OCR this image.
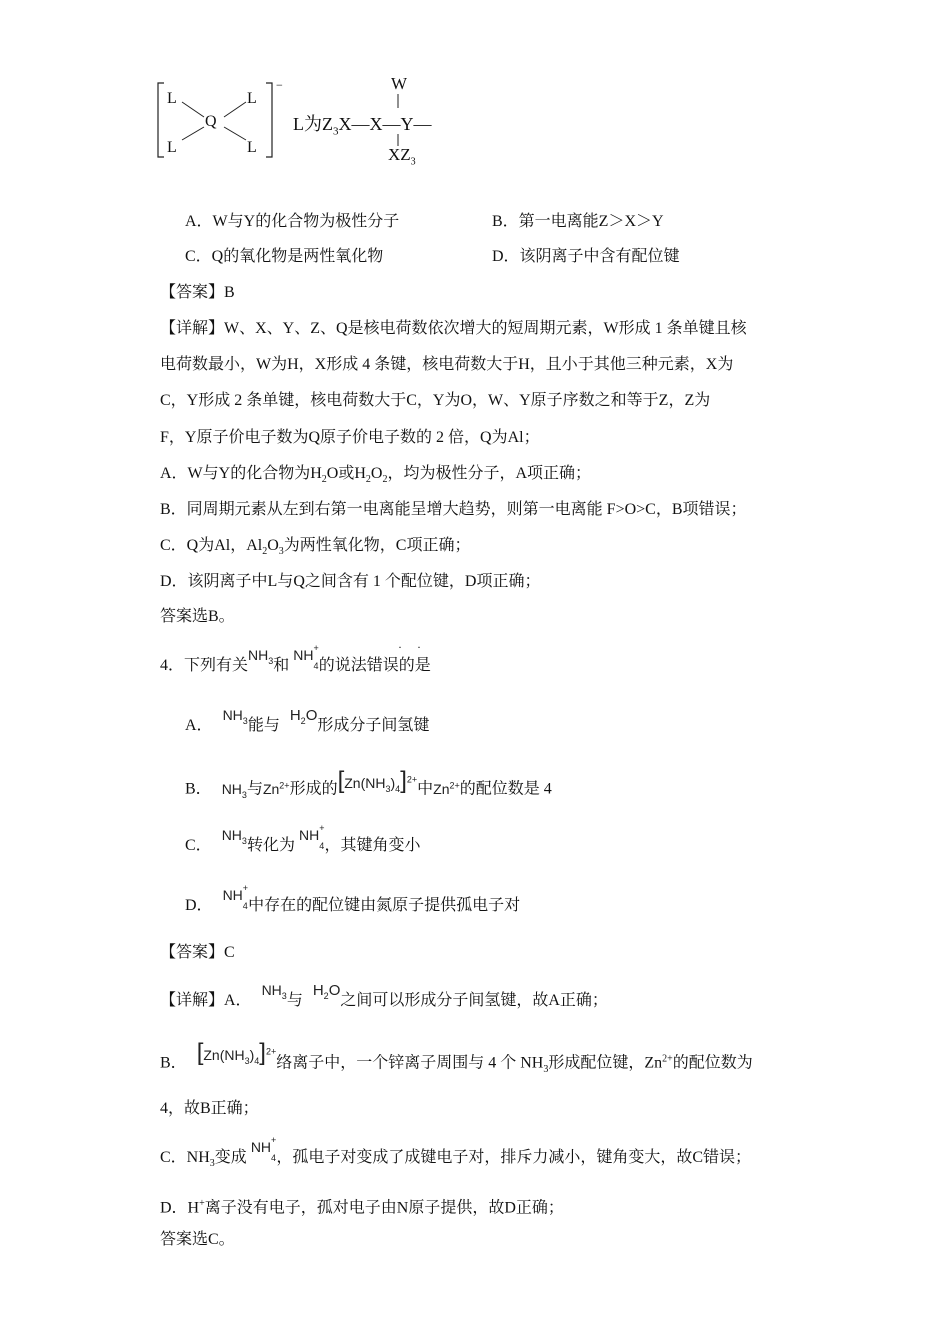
L	L
Q
L	L
−	W
L为$Z_3X—X—Y—$
$XZ_3$
A．W与Y的化合物为极性分子	B．第一电离能Z＞X＞Y
C．Q的氧化物是两性氧化物	D．该阴离子中含有配位键
【答案】B
【详解】W、X、Y、Z、Q是核电荷数依次增大的短周期元素，W形成 1 条单键且核
电荷数最小，W为H，X形成 4 条键，核电荷数大于H，且小于其他三种元素，X为
C，Y形成 2 条单键，核电荷数大于C，Y为O，W、Y原子序数之和等于Z，Z为
F，Y原子价电子数为Q原子价电子数的 2 倍，Q为Al；
A．W与Y的化合物为$H_2O$或$H_2O_2$，均为极性分子，A项正确；
B．同周期元素从左到右第一电离能呈增大趋势，则第一电离能 F>O>C，B项错误；
C．Q为Al，$Al_2O_3$为两性氧化物，C项正确；
D．该阴离子中L与Q之间含有 1 个配位键，D项正确；
答案选B。
4．下列有关$NH_3$和NH+
$_4$的说法错误的是
· ·
A．$NH_3$能与$H_2O$形成分子间氢键
B． $NH_3$与$Zn^{2+}$形成的$[Zn(NH_3)_4]^{2+}$中$Zn^{2+}$的配位数是 4
C．$NH_3$转化为NH+
$_4$，其键角变小
D．NH+
$_4$中存在的配位键由氮原子提供孤电子对
【答案】C
【详解】A．$NH_3$与$H_2O$之间可以形成分子间氢键，故A正确；
B． $[Zn(NH_3)_4]^{2+}$络离子中，一个锌离子周围与 4 个 $NH_3$形成配位键，$Zn^{2+}$的配位数为
4，故B正确；
C．$NH_3$变成NH+
$_4$，孤电子对变成了成键电子对，排斥力减小，键角变大，故C错误；
D．H+离子没有电子，孤对电子由N原子提供，故D正确；
答案选C。
